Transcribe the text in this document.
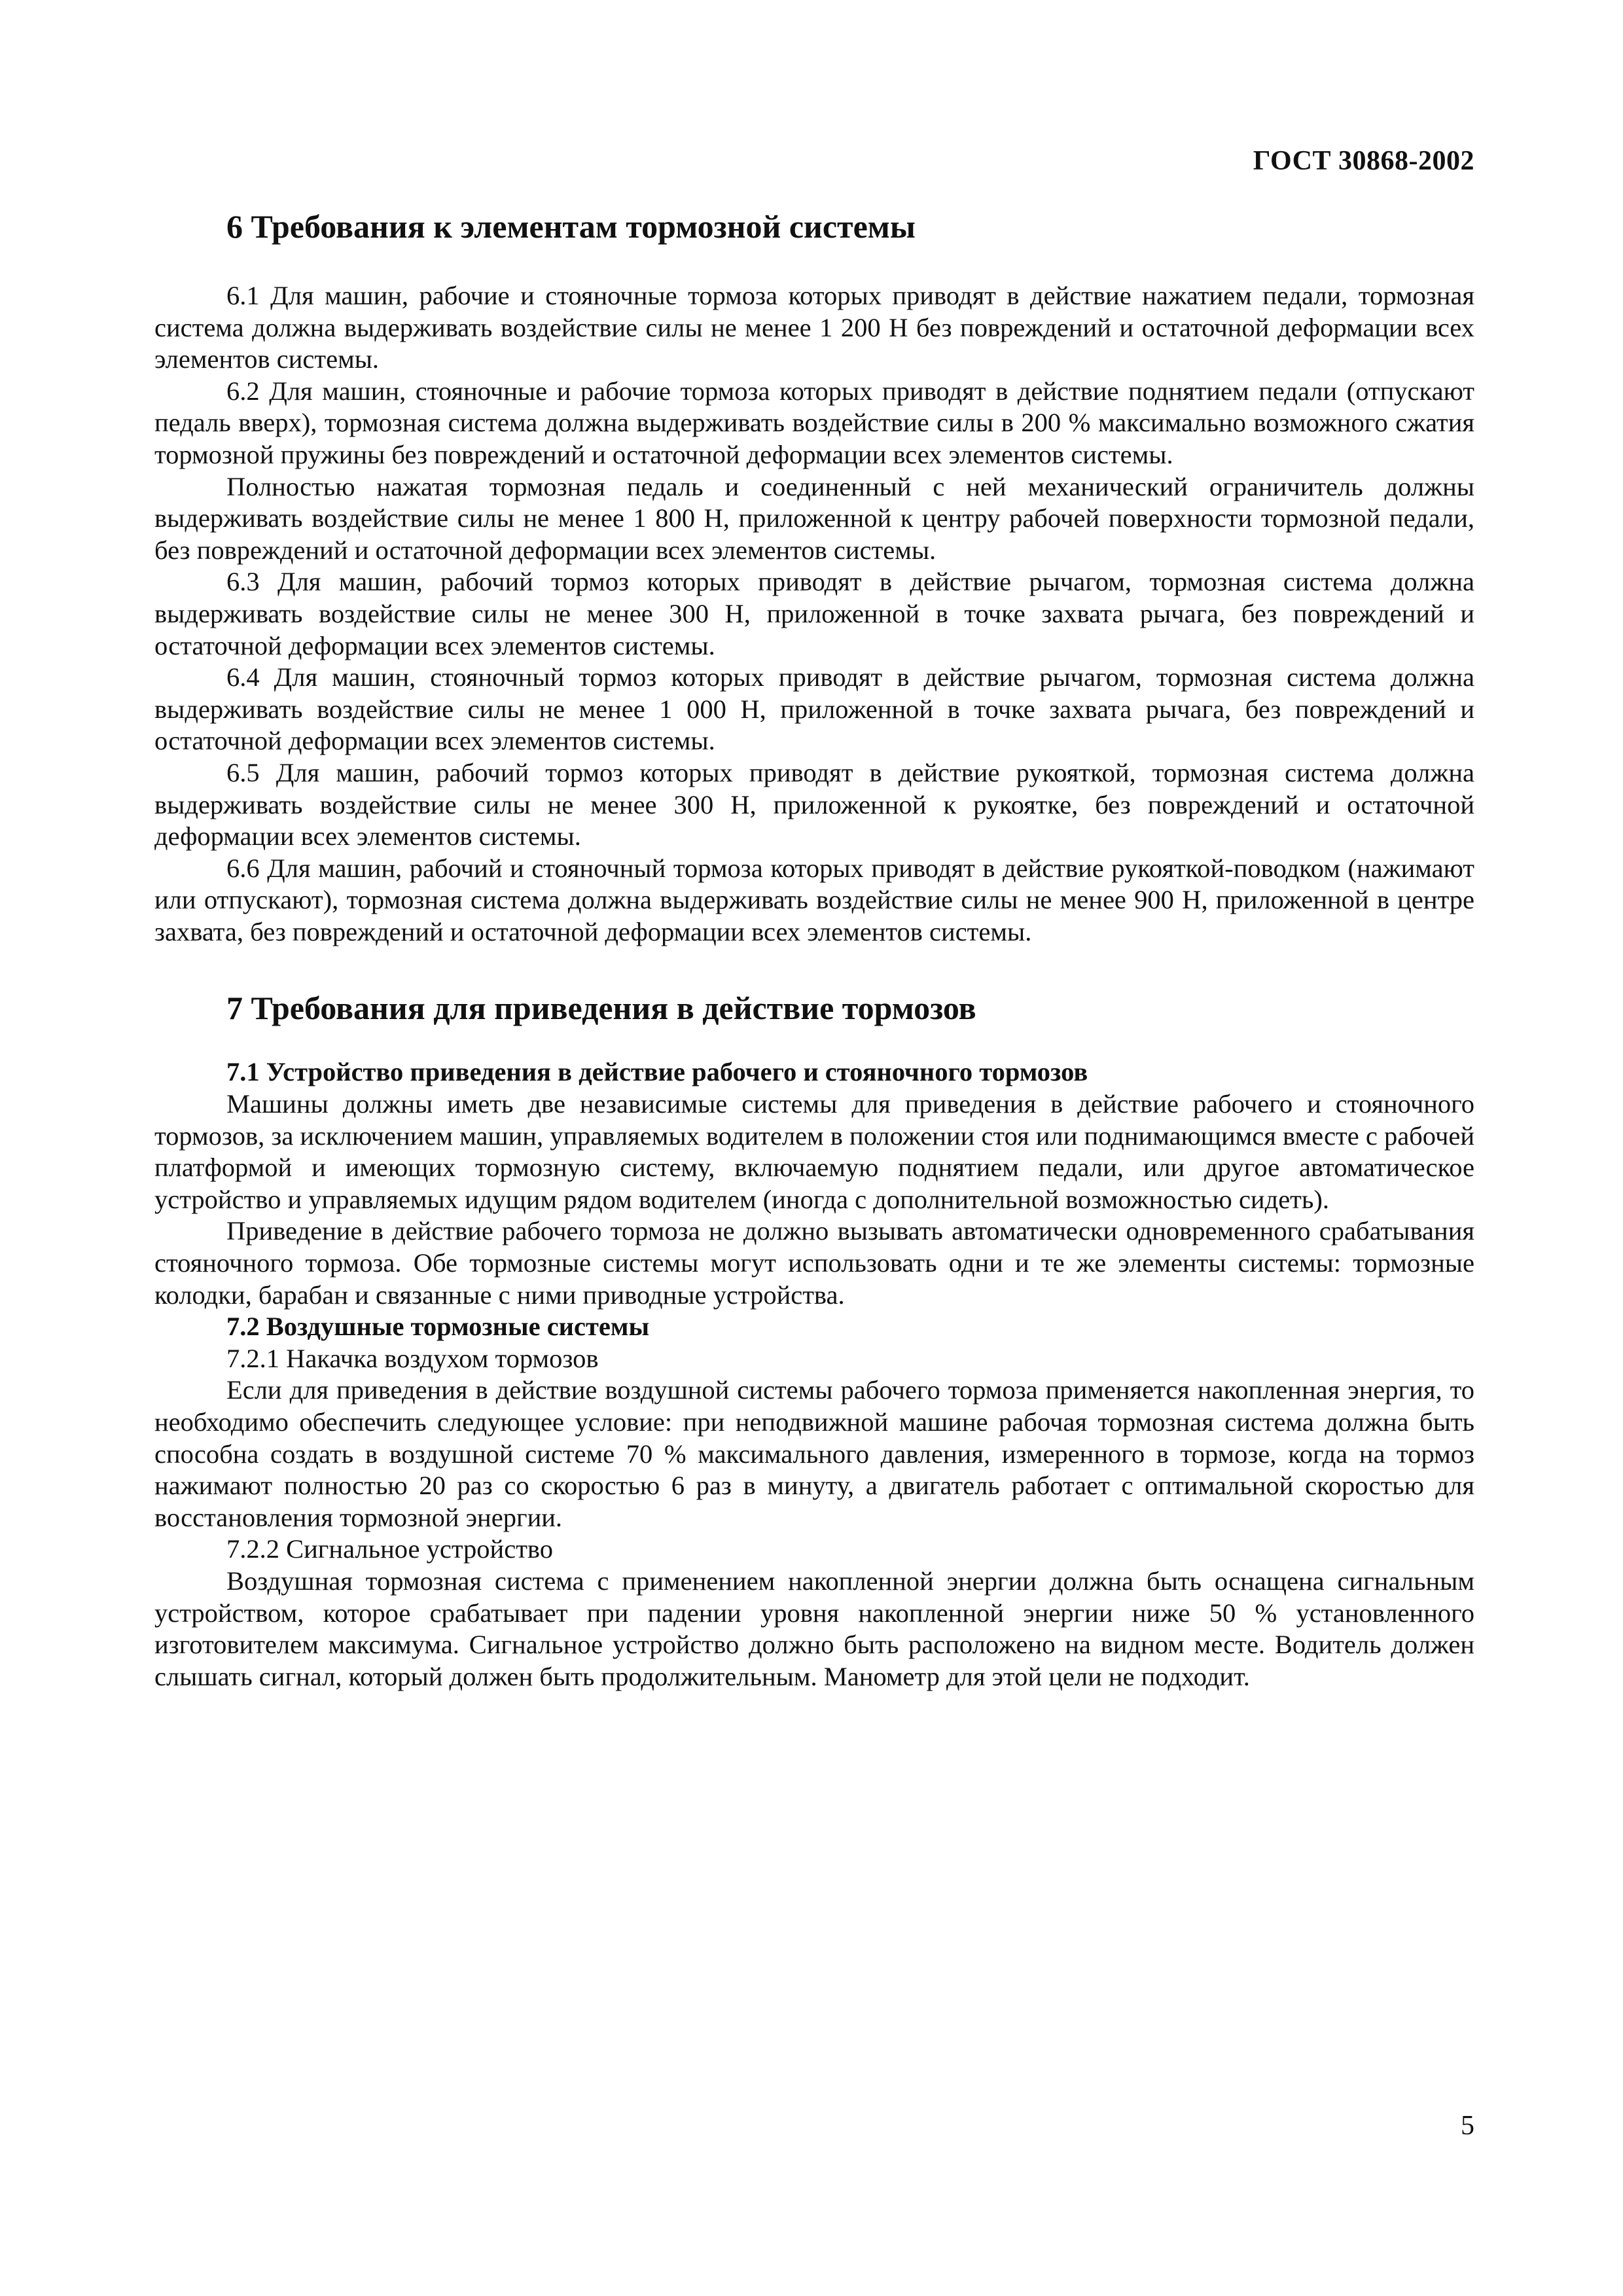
ГОСТ 30868-2002
6 Требования к элементам тормозной системы

6.1 Для машин, рабочие и стояночные тормоза которых приводят в действие нажатием педали, тормозная система должна выдерживать воздействие силы не менее 1 200 Н без повреждений и остаточной деформации всех элементов системы.

6.2 Для машин, стояночные и рабочие тормоза которых приводят в действие поднятием педали (отпускают педаль вверх), тормозная система должна выдерживать воздействие силы в 200 % максимально возможного сжатия тормозной пружины без повреждений и остаточной деформации всех элементов системы.

Полностью нажатая тормозная педаль и соединенный с ней механический ограничитель должны выдерживать воздействие силы не менее 1 800 Н, приложенной к центру рабочей поверхности тормозной педали, без повреждений и остаточной деформации всех элементов системы.

6.3 Для машин, рабочий тормоз которых приводят в действие рычагом, тормозная система должна выдерживать воздействие силы не менее 300 Н, приложенной в точке захвата рычага, без повреждений и остаточной деформации всех элементов системы.

6.4 Для машин, стояночный тормоз которых приводят в действие рычагом, тормозная система должна выдерживать воздействие силы не менее 1 000 Н, приложенной в точке захвата рычага, без повреждений и остаточной деформации всех элементов системы.

6.5 Для машин, рабочий тормоз которых приводят в действие рукояткой, тормозная система должна выдерживать воздействие силы не менее 300 Н, приложенной к рукоятке, без повреждений и остаточной деформации всех элементов системы.

6.6 Для машин, рабочий и стояночный тормоза которых приводят в действие рукояткой-поводком (нажимают или отпускают), тормозная система должна выдерживать воздействие силы не менее 900 Н, приложенной в центре захвата, без повреждений и остаточной деформации всех элементов системы.

7 Требования для приведения в действие тормозов

7.1 Устройство приведения в действие рабочего и стояночного тормозов

Машины должны иметь две независимые системы для приведения в действие рабочего и стояночного тормозов, за исключением машин, управляемых водителем в положении стоя или поднимающимся вместе с рабочей платформой и имеющих тормозную систему, включаемую поднятием педали, или другое автоматическое устройство и управляемых идущим рядом водителем (иногда с дополнительной возможностью сидеть).

Приведение в действие рабочего тормоза не должно вызывать автоматически одновременного срабатывания стояночного тормоза. Обе тормозные системы могут использовать одни и те же элементы системы: тормозные колодки, барабан и связанные с ними приводные устройства.

7.2 Воздушные тормозные системы

7.2.1 Накачка воздухом тормозов

Если для приведения в действие воздушной системы рабочего тормоза применяется накопленная энергия, то необходимо обеспечить следующее условие: при неподвижной машине рабочая тормозная система должна быть способна создать в воздушной системе 70 % максимального давления, измеренного в тормозе, когда на тормоз нажимают полностью 20 раз со скоростью 6 раз в минуту, а двигатель работает с оптимальной скоростью для восстановления тормозной энергии.

7.2.2 Сигнальное устройство

Воздушная тормозная система с применением накопленной энергии должна быть оснащена сигнальным устройством, которое срабатывает при падении уровня накопленной энергии ниже 50 % установленного изготовителем максимума. Сигнальное устройство должно быть расположено на видном месте. Водитель должен слышать сигнал, который должен быть продолжительным. Манометр для этой цели не подходит.

5
